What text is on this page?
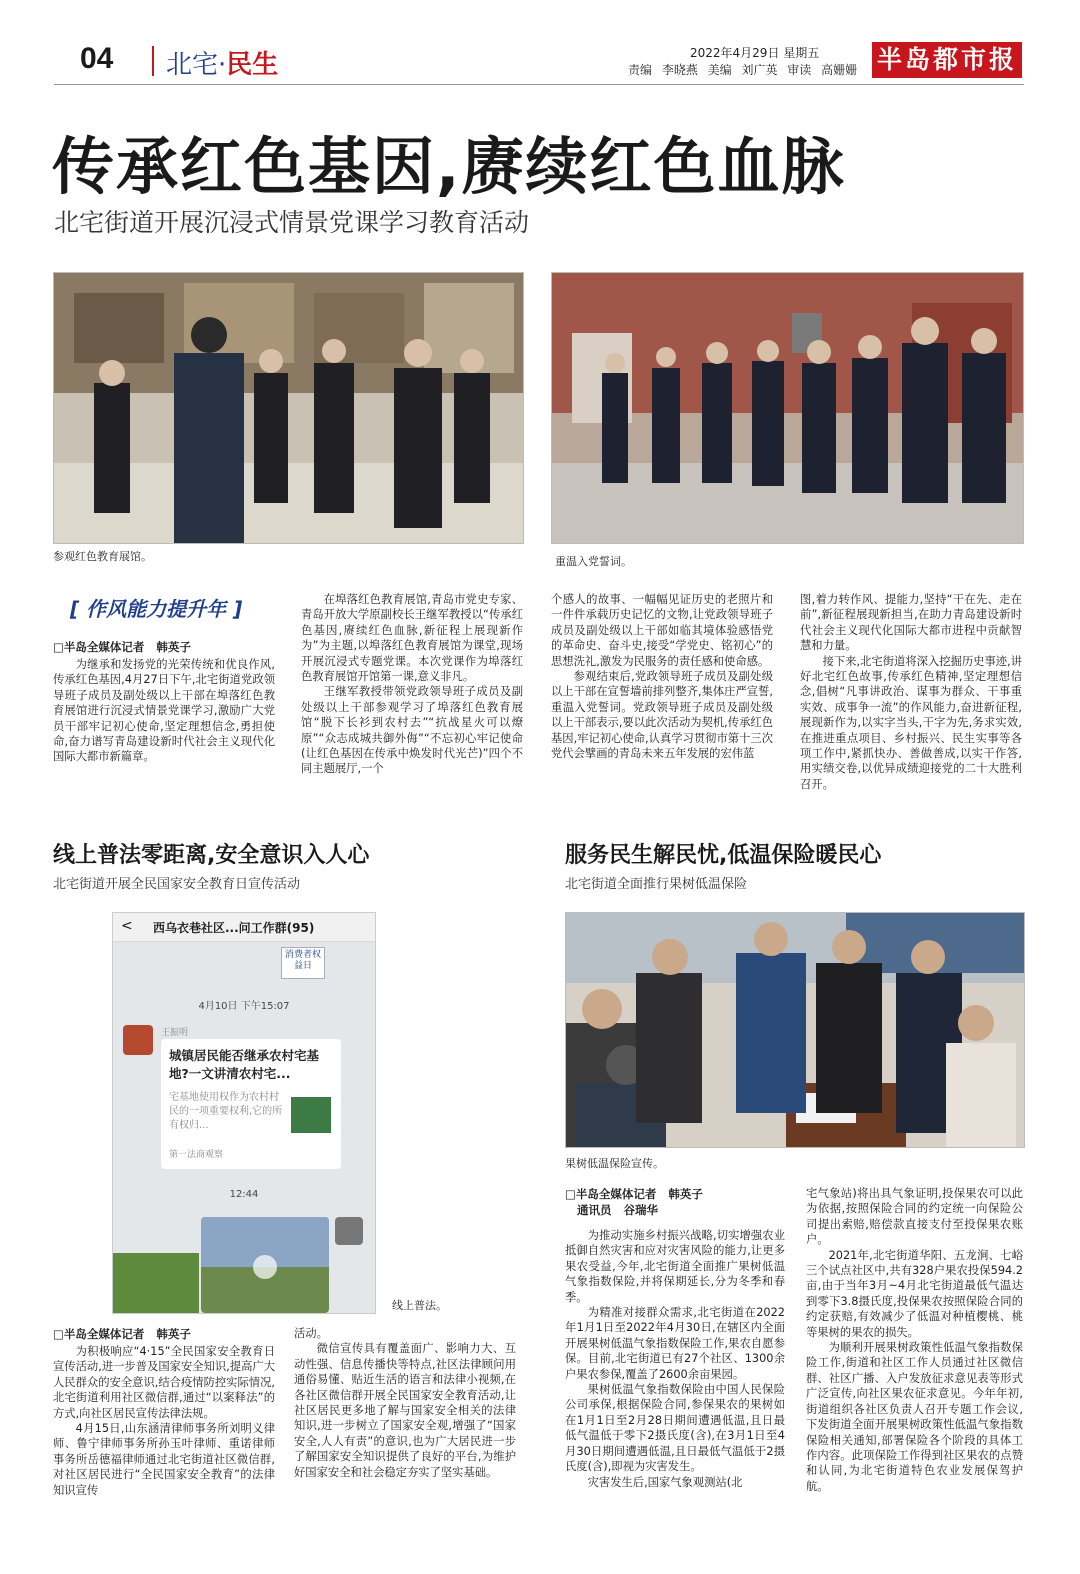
04 北宅·民生	2022年4月29日 星期五
责编 李晓燕 美编 刘广英 审读 高姗姗 半岛都市报
传承红色基因,赓续红色血脉
北宅街道开展沉浸式情景党课学习教育活动
参观红色教育展馆。	重温入党誓词。
[ 作风能力提升年 ]
□半岛全媒体记者   韩英子

为继承和发扬党的光荣传统和优良作风,传承红色基因,4月27日下午,北宅街道党政领导班子成员及副处级以上干部在埠落红色教育展馆进行沉浸式情景党课学习,激励广大党员干部牢记初心使命,坚定理想信念,勇担使命,奋力谱写青岛建设新时代社会主义现代化国际大都市新篇章。

在埠落红色教育展馆,青岛市党史专家、青岛开放大学原副校长王继军教授以“传承红色基因,赓续红色血脉,新征程上展现新作为”为主题,以埠落红色教育展馆为课堂,现场开展沉浸式专题党课。本次党课作为埠落红色教育展馆开馆第一课,意义非凡。

王继军教授带领党政领导班子成员及副处级以上干部参观学习了埠落红色教育展馆“脱下长衫到农村去”“抗战星火可以燎原”“众志成城共御外侮”“不忘初心牢记使命(让红色基因在传承中焕发时代光芒)”四个不同主题展厅,一个

个感人的故事、一幅幅见证历史的老照片和一件件承载历史记忆的文物,让党政领导班子成员及副处级以上干部如临其境体验感悟党的革命史、奋斗史,接受“学党史、铭初心”的思想洗礼,激发为民服务的责任感和使命感。

参观结束后,党政领导班子成员及副处级以上干部在宣誓墙前排列整齐,集体庄严宣誓,重温入党誓词。党政领导班子成员及副处级以上干部表示,要以此次活动为契机,传承红色基因,牢记初心使命,认真学习贯彻市第十三次党代会擘画的青岛未来五年发展的宏伟蓝

图,着力转作风、提能力,坚持“干在先、走在前”,新征程展现新担当,在助力青岛建设新时代社会主义现代化国际大都市进程中贡献智慧和力量。

接下来,北宅街道将深入挖掘历史事迹,讲好北宅红色故事,传承红色精神,坚定理想信念,倡树“凡事讲政治、谋事为群众、干事重实效、成事争一流”的作风能力,奋进新征程,展现新作为,以实字当头,干字为先,务求实效,在推进重点项目、乡村振兴、民生实事等各项工作中,紧抓快办、善做善成,以实干作答,用实绩交卷,以优异成绩迎接党的二十大胜利召开。

线上普法零距离,安全意识入人心
北宅街道开展全民国家安全教育日宣传活动
< 西乌衣巷社区...问工作群(95)
消费者权益日
4月10日 下午15:07
王振明
城镇居民能否继承农村宅基地?一文讲清农村宅...
宅基地使用权作为农村村民的一项重要权利,它的所有权归...
第一法商观察
12:44
线上普法。
□半岛全媒体记者   韩英子

为积极响应“4·15”全民国家安全教育日宣传活动,进一步普及国家安全知识,提高广大人民群众的安全意识,结合疫情防控实际情况,北宅街道利用社区微信群,通过“以案释法”的方式,向社区居民宣传法律法规。

4月15日,山东涵清律师事务所刘明义律师、鲁宁律师事务所孙玉叶律师、重诺律师事务所岳德福律师通过北宅街道社区微信群,对社区居民进行“全民国家安全教育”的法律知识宣传

活动。

微信宣传具有覆盖面广、影响力大、互动性强、信息传播快等特点,社区法律顾问用通俗易懂、贴近生活的语言和法律小视频,在各社区微信群开展全民国家安全教育活动,让社区居民更多地了解与国家安全相关的法律知识,进一步树立了国家安全观,增强了“国家安全,人人有责”的意识,也为广大居民进一步了解国家安全知识提供了良好的平台,为维护好国家安全和社会稳定夯实了坚实基础。

服务民生解民忧,低温保险暖民心
北宅街道全面推行果树低温保险
果树低温保险宣传。
□半岛全媒体记者   韩英子
通讯员   谷瑞华

为推动实施乡村振兴战略,切实增强农业抵御自然灾害和应对灾害风险的能力,让更多果农受益,今年,北宅街道全面推广果树低温气象指数保险,并将保期延长,分为冬季和春季。

为精准对接群众需求,北宅街道在2022年1月1日至2022年4月30日,在辖区内全面开展果树低温气象指数保险工作,果农自愿参保。目前,北宅街道已有27个社区、1300余户果农参保,覆盖了2600余亩果园。

果树低温气象指数保险由中国人民保险公司承保,根据保险合同,参保果农的果树如在1月1日至2月28日期间遭遇低温,且日最低气温低于零下2摄氏度(含),在3月1日至4月30日期间遭遇低温,且日最低气温低于2摄氏度(含),即视为灾害发生。

灾害发生后,国家气象观测站(北

宅气象站)将出具气象证明,投保果农可以此为依据,按照保险合同的约定统一向保险公司提出索赔,赔偿款直接支付至投保果农账户。

2021年,北宅街道华阳、五龙涧、七峪三个试点社区中,共有328户果农投保594.2亩,由于当年3月~4月北宅街道最低气温达到零下3.8摄氏度,投保果农按照保险合同的约定获赔,有效减少了低温对种植樱桃、桃等果树的果农的损失。

为顺利开展果树政策性低温气象指数保险工作,街道和社区工作人员通过社区微信群、社区广播、入户发放征求意见表等形式广泛宣传,向社区果农征求意见。今年年初,街道组织各社区负责人召开专题工作会议,下发街道全面开展果树政策性低温气象指数保险相关通知,部署保险各个阶段的具体工作内容。此项保险工作得到社区果农的点赞和认同,为北宅街道特色农业发展保驾护航。
